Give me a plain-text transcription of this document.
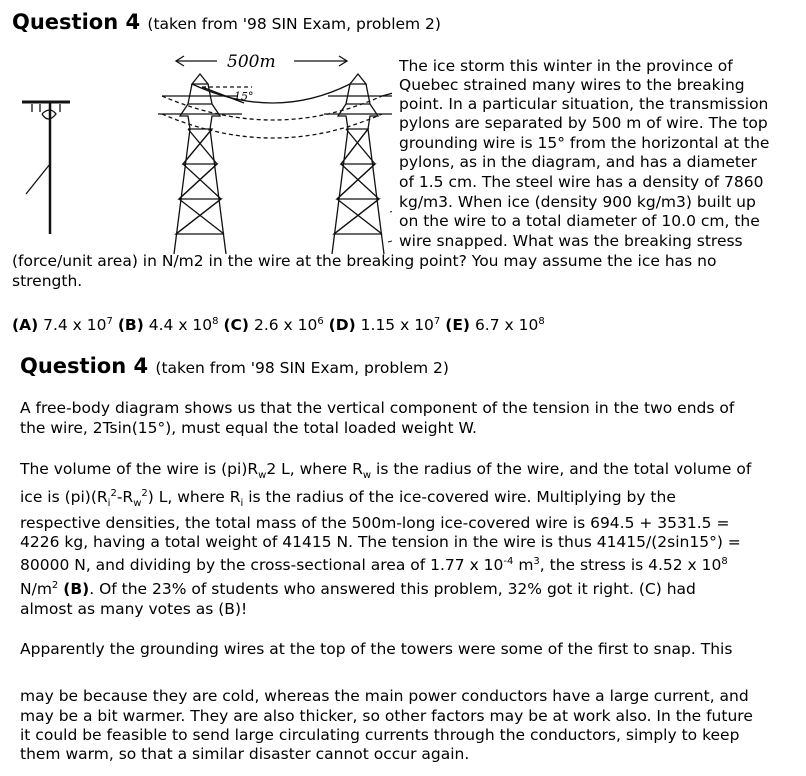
Question 4 (taken from '98 SIN Exam, problem 2)
500m
15°
The ice storm this winter in the province of
Quebec strained many wires to the breaking
point. In a particular situation, the transmission
pylons are separated by 500 m of wire. The top
grounding wire is 15° from the horizontal at the
pylons, as in the diagram, and has a diameter
of 1.5 cm. The steel wire has a density of 7860
kg/m3. When ice (density 900 kg/m3) built up
on the wire to a total diameter of 10.0 cm, the
wire snapped. What was the breaking stress
(force/unit area) in N/m2 in the wire at the breaking point? You may assume the ice has no
strength.
(A) 7.4 x $10^7$ (B) 4.4 x $10^8$ (C) 2.6 x $10^6$ (D) 1.15 x $10^7$ (E) 6.7 x $10^8$
Question 4 (taken from '98 SIN Exam, problem 2)
A free-body diagram shows us that the vertical component of the tension in the two ends of
the wire, 2Tsin(15°), must equal the total loaded weight W.
The volume of the wire is $(pi)R_w2$ L, where $R_w$ is the radius of the wire, and the total volume of
ice is $(pi)(R_i^2-R_w^2)$ L, where $R_i$ is the radius of the ice-covered wire. Multiplying by the
respective densities, the total mass of the 500m-long ice-covered wire is 694.5 + 3531.5 =
4226 kg, having a total weight of 41415 N. The tension in the wire is thus 41415/(2sin15°) =
80000 N, and dividing by the cross-sectional area of 1.77 x $10^{-4}$ $m^3$, the stress is 4.52 x $10^8$
$N/m^2$ (B). Of the 23% of students who answered this problem, 32% got it right. (C) had
almost as many votes as (B)!
Apparently the grounding wires at the top of the towers were some of the first to snap. This
may be because they are cold, whereas the main power conductors have a large current, and
may be a bit warmer. They are also thicker, so other factors may be at work also. In the future
it could be feasible to send large circulating currents through the conductors, simply to keep
them warm, so that a similar disaster cannot occur again.
